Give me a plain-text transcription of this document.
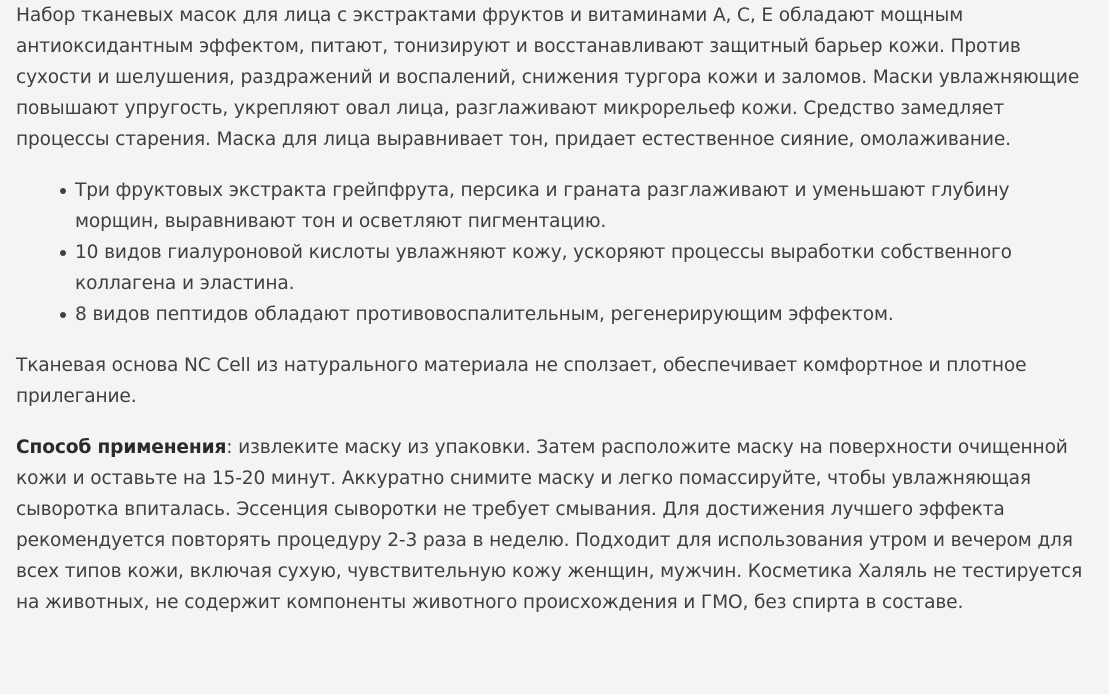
Набор тканевых масок для лица с экстрактами фруктов и витаминами А, С, Е обладают мощным антиоксидантным эффектом, питают, тонизируют и восстанавливают защитный барьер кожи. Против сухости и шелушения, раздражений и воспалений, снижения тургора кожи и заломов. Маски увлажняющие повышают упругость, укрепляют овал лица, разглаживают микрорельеф кожи. Средство замедляет процессы старения. Маска для лица выравнивает тон, придает естественное сияние, омолаживание.

Три фруктовых экстракта грейпфрута, персика и граната разглаживают и уменьшают глубину морщин, выравнивают тон и осветляют пигментацию.
10 видов гиалуроновой кислоты увлажняют кожу, ускоряют процессы выработки собственного коллагена и эластина.
8 видов пептидов обладают противовоспалительным, регенерирующим эффектом.

Тканевая основа NC Cell из натурального материала не сползает, обеспечивает комфортное и плотное прилегание.

Способ применения: извлеките маску из упаковки. Затем расположите маску на поверхности очищенной кожи и оставьте на 15-20 минут. Аккуратно снимите маску и легко помассируйте, чтобы увлажняющая сыворотка впиталась. Эссенция сыворотки не требует смывания. Для достижения лучшего эффекта рекомендуется повторять процедуру 2-3 раза в неделю. Подходит для использования утром и вечером для всех типов кожи, включая сухую, чувствительную кожу женщин, мужчин. Косметика Халяль не тестируется на животных, не содержит компоненты животного происхождения и ГМО, без спирта в составе.
